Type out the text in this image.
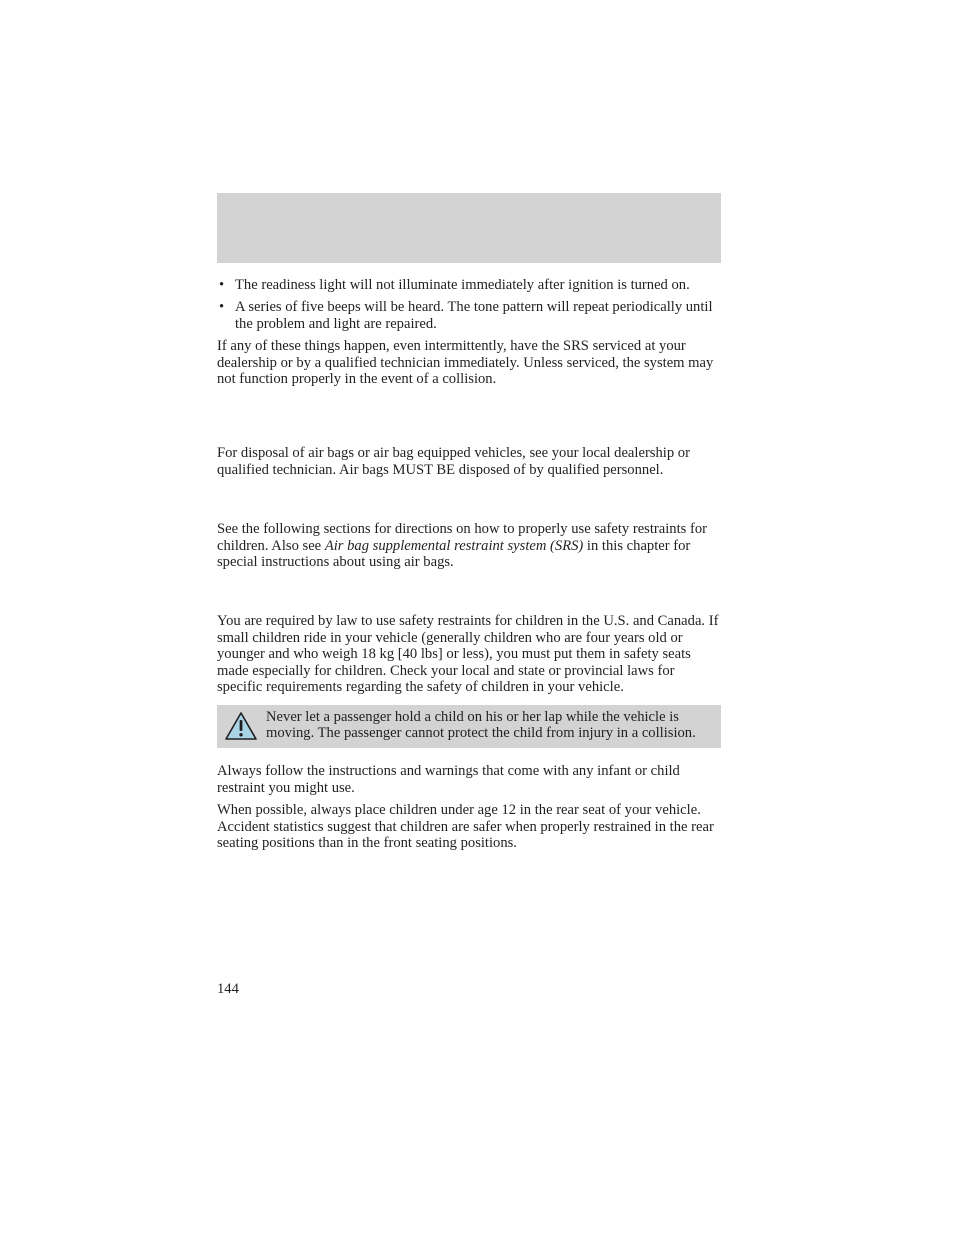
• The readiness light will not illuminate immediately after ignition is turned on.
• A series of five beeps will be heard. The tone pattern will repeat periodically until the problem and light are repaired.

If any of these things happen, even intermittently, have the SRS serviced at your dealership or by a qualified technician immediately. Unless serviced, the system may not function properly in the event of a collision.

For disposal of air bags or air bag equipped vehicles, see your local dealership or qualified technician. Air bags MUST BE disposed of by qualified personnel.

See the following sections for directions on how to properly use safety restraints for children. Also see Air bag supplemental restraint system (SRS) in this chapter for special instructions about using air bags.

You are required by law to use safety restraints for children in the U.S. and Canada. If small children ride in your vehicle (generally children who are four years old or younger and who weigh 18 kg [40 lbs] or less), you must put them in safety seats made especially for children. Check your local and state or provincial laws for specific requirements regarding the safety of children in your vehicle.

Never let a passenger hold a child on his or her lap while the vehicle is moving. The passenger cannot protect the child from injury in a collision.

Always follow the instructions and warnings that come with any infant or child restraint you might use.

When possible, always place children under age 12 in the rear seat of your vehicle. Accident statistics suggest that children are safer when properly restrained in the rear seating positions than in the front seating positions.

144
